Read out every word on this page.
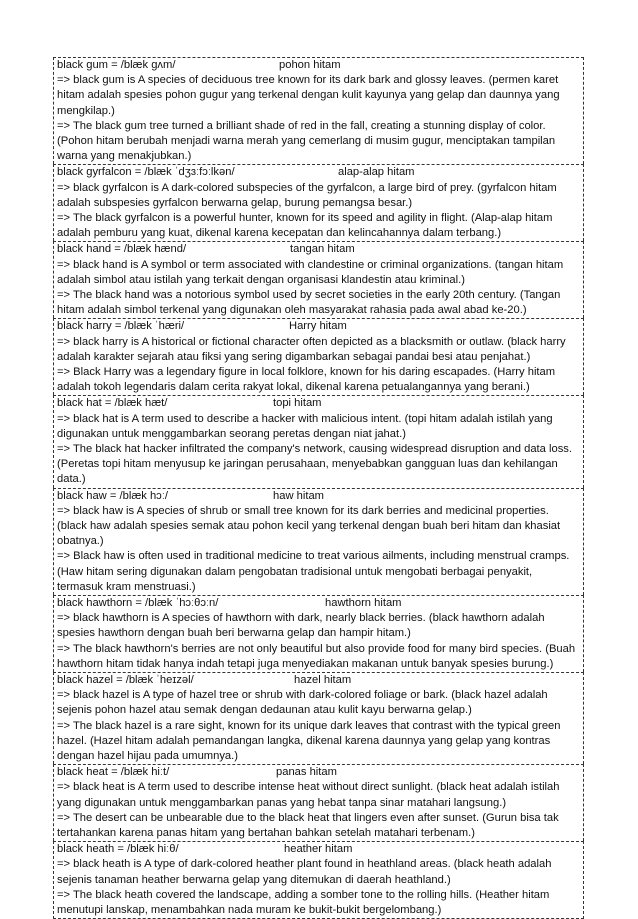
black gum = /blæk ɡʌm/	pohon hitam
=> black gum is A species of deciduous tree known for its dark bark and glossy leaves. (permen karet hitam adalah spesies pohon gugur yang terkenal dengan kulit kayunya yang gelap dan daunnya yang mengkilap.)
=> The black gum tree turned a brilliant shade of red in the fall, creating a stunning display of color. (Pohon hitam berubah menjadi warna merah yang cemerlang di musim gugur, menciptakan tampilan warna yang menakjubkan.)
black gyrfalcon = /blæk ˈdʒɜːfɔːlkən/	alap-alap hitam
=> black gyrfalcon is A dark-colored subspecies of the gyrfalcon, a large bird of prey. (gyrfalcon hitam adalah subspesies gyrfalcon berwarna gelap, burung pemangsa besar.)
=> The black gyrfalcon is a powerful hunter, known for its speed and agility in flight. (Alap-alap hitam adalah pemburu yang kuat, dikenal karena kecepatan dan kelincahannya dalam terbang.)
black hand = /blæk hænd/	tangan hitam
=> black hand is A symbol or term associated with clandestine or criminal organizations. (tangan hitam adalah simbol atau istilah yang terkait dengan organisasi klandestin atau kriminal.)
=> The black hand was a notorious symbol used by secret societies in the early 20th century. (Tangan hitam adalah simbol terkenal yang digunakan oleh masyarakat rahasia pada awal abad ke-20.)
black harry = /blæk ˈhæri/	Harry hitam
=> black harry is A historical or fictional character often depicted as a blacksmith or outlaw. (black harry adalah karakter sejarah atau fiksi yang sering digambarkan sebagai pandai besi atau penjahat.)
=> Black Harry was a legendary figure in local folklore, known for his daring escapades. (Harry hitam adalah tokoh legendaris dalam cerita rakyat lokal, dikenal karena petualangannya yang berani.)
black hat = /blæk hæt/	topi hitam
=> black hat is A term used to describe a hacker with malicious intent. (topi hitam adalah istilah yang digunakan untuk menggambarkan seorang peretas dengan niat jahat.)
=> The black hat hacker infiltrated the company's network, causing widespread disruption and data loss. (Peretas topi hitam menyusup ke jaringan perusahaan, menyebabkan gangguan luas dan kehilangan data.)
black haw = /blæk hɔː/	haw hitam
=> black haw is A species of shrub or small tree known for its dark berries and medicinal properties. (black haw adalah spesies semak atau pohon kecil yang terkenal dengan buah beri hitam dan khasiat obatnya.)
=> Black haw is often used in traditional medicine to treat various ailments, including menstrual cramps. (Haw hitam sering digunakan dalam pengobatan tradisional untuk mengobati berbagai penyakit, termasuk kram menstruasi.)
black hawthorn = /blæk ˈhɔːθɔːn/	hawthorn hitam
=> black hawthorn is A species of hawthorn with dark, nearly black berries. (black hawthorn adalah spesies hawthorn dengan buah beri berwarna gelap dan hampir hitam.)
=> The black hawthorn's berries are not only beautiful but also provide food for many bird species. (Buah hawthorn hitam tidak hanya indah tetapi juga menyediakan makanan untuk banyak spesies burung.)
black hazel = /blæk ˈheɪzəl/	hazel hitam
=> black hazel is A type of hazel tree or shrub with dark-colored foliage or bark. (black hazel adalah sejenis pohon hazel atau semak dengan dedaunan atau kulit kayu berwarna gelap.)
=> The black hazel is a rare sight, known for its unique dark leaves that contrast with the typical green hazel. (Hazel hitam adalah pemandangan langka, dikenal karena daunnya yang gelap yang kontras dengan hazel hijau pada umumnya.)
black heat = /blæk hiːt/	panas hitam
=> black heat is A term used to describe intense heat without direct sunlight. (black heat adalah istilah yang digunakan untuk menggambarkan panas yang hebat tanpa sinar matahari langsung.)
=> The desert can be unbearable due to the black heat that lingers even after sunset. (Gurun bisa tak tertahankan karena panas hitam yang bertahan bahkan setelah matahari terbenam.)
black heath = /blæk hiːθ/	heather hitam
=> black heath is A type of dark-colored heather plant found in heathland areas. (black heath adalah sejenis tanaman heather berwarna gelap yang ditemukan di daerah heathland.)
=> The black heath covered the landscape, adding a somber tone to the rolling hills. (Heather hitam menutupi lanskap, menambahkan nada muram ke bukit-bukit bergelombang.)
